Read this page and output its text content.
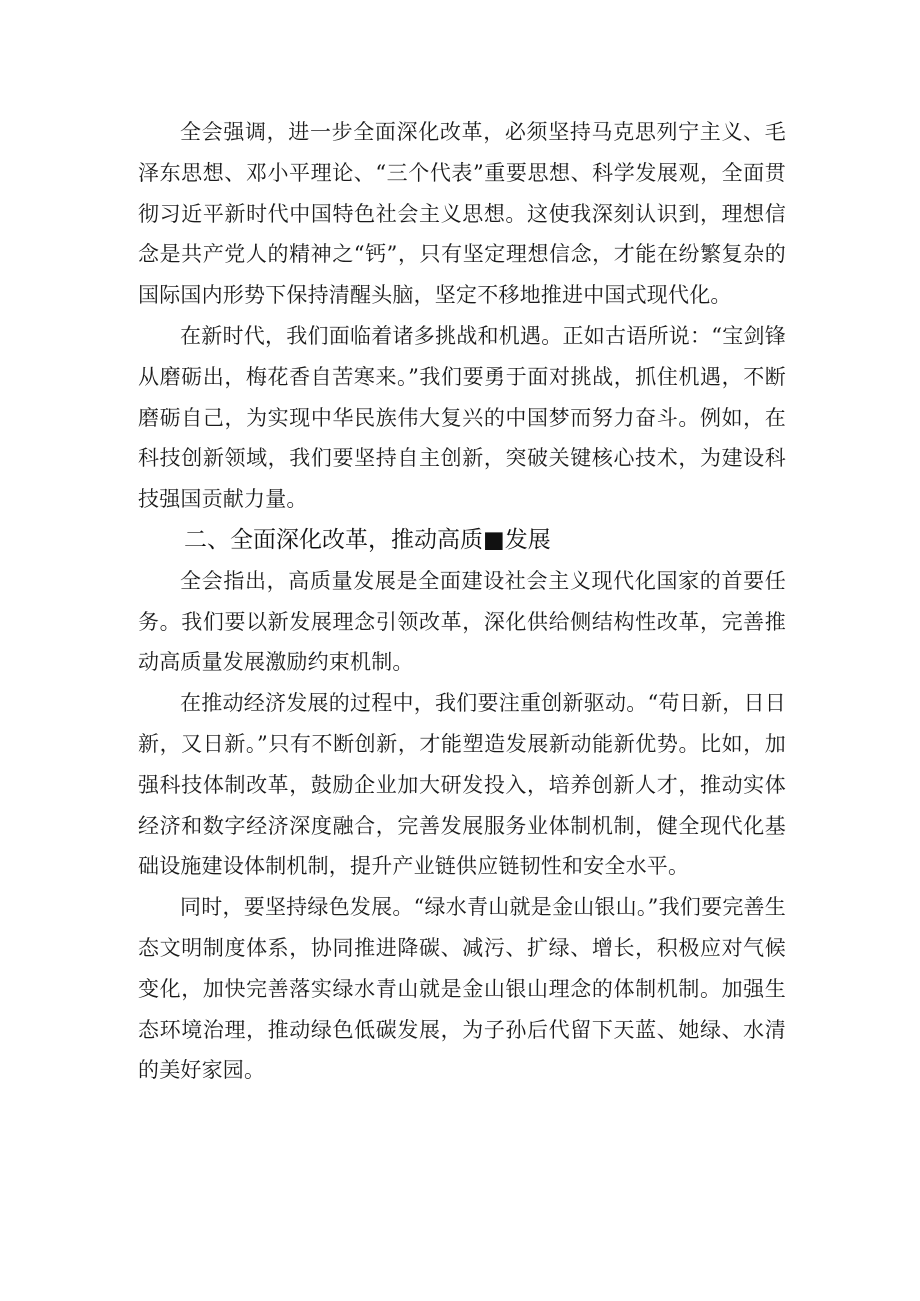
全会强调，进一步全面深化改革，必须坚持马克思列宁主义、毛泽东思想、邓小平理论、“三个代表”重要思想、科学发展观，全面贯彻习近平新时代中国特色社会主义思想。这使我深刻认识到，理想信念是共产党人的精神之“钙”，只有坚定理想信念，才能在纷繁复杂的国际国内形势下保持清醒头脑，坚定不移地推进中国式现代化。

在新时代，我们面临着诸多挑战和机遇。正如古语所说：“宝剑锋从磨砺出，梅花香自苦寒来。”我们要勇于面对挑战，抓住机遇，不断磨砺自己，为实现中华民族伟大复兴的中国梦而努力奋斗。例如，在科技创新领域，我们要坚持自主创新，突破关键核心技术，为建设科技强国贡献力量。

二、全面深化改革，推动高质■发展

全会指出，高质量发展是全面建设社会主义现代化国家的首要任务。我们要以新发展理念引领改革，深化供给侧结构性改革，完善推动高质量发展激励约束机制。

在推动经济发展的过程中，我们要注重创新驱动。“苟日新，日日新，又日新。”只有不断创新，才能塑造发展新动能新优势。比如，加强科技体制改革，鼓励企业加大研发投入，培养创新人才，推动实体经济和数字经济深度融合，完善发展服务业体制机制，健全现代化基础设施建设体制机制，提升产业链供应链韧性和安全水平。

同时，要坚持绿色发展。“绿水青山就是金山银山。”我们要完善生态文明制度体系，协同推进降碳、减污、扩绿、增长，积极应对气候变化，加快完善落实绿水青山就是金山银山理念的体制机制。加强生态环境治理，推动绿色低碳发展，为子孙后代留下天蓝、她绿、水清的美好家园。
